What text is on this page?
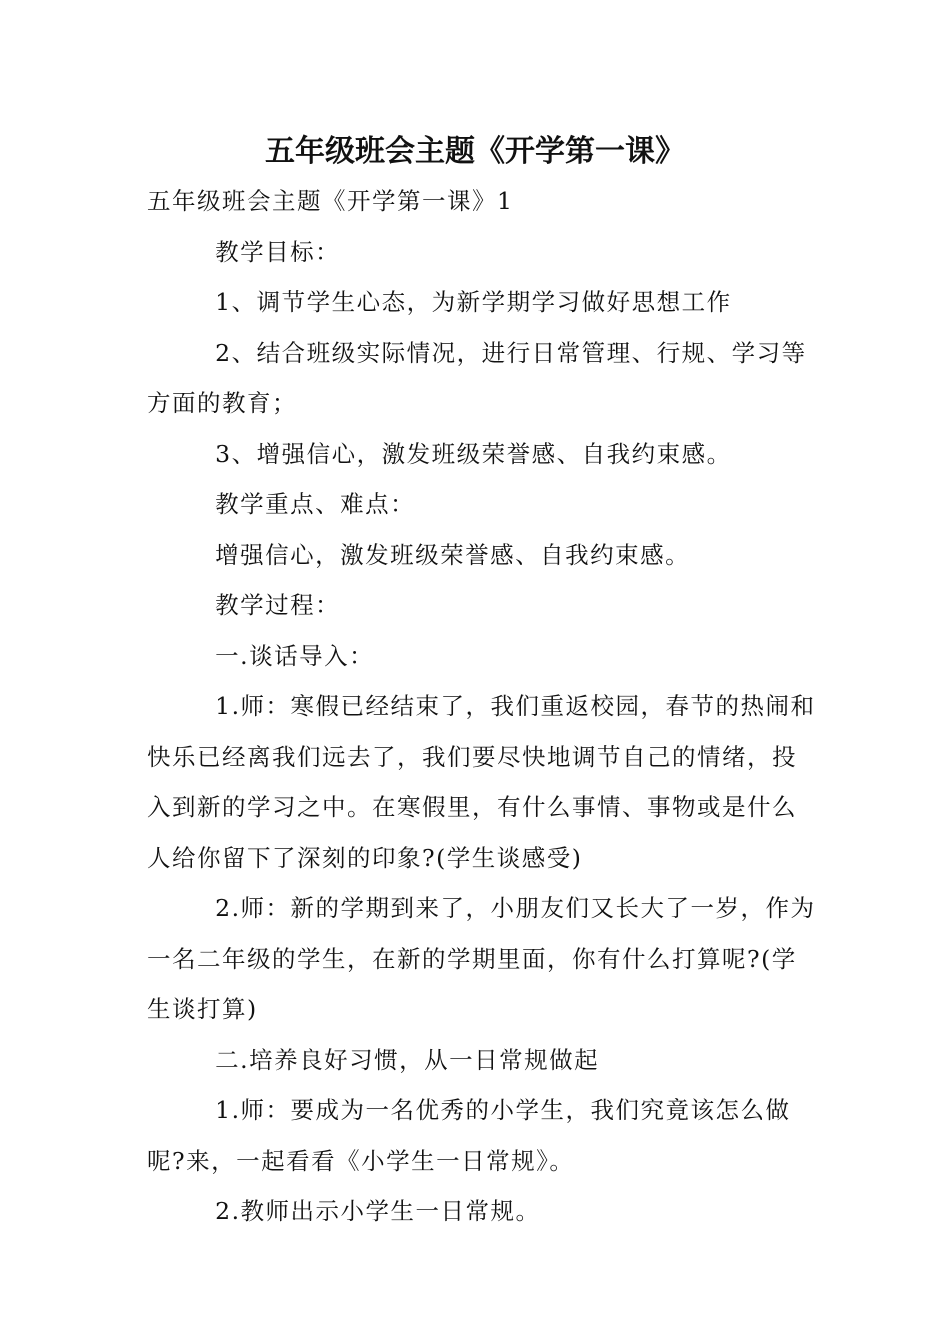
五年级班会主题《开学第一课》

五年级班会主题《开学第一课》1

教学目标：

1、调节学生心态，为新学期学习做好思想工作

2、结合班级实际情况，进行日常管理、行规、学习等方面的教育；

3、增强信心，激发班级荣誉感、自我约束感。

教学重点、难点：

增强信心，激发班级荣誉感、自我约束感。

教学过程：

一.谈话导入：

1.师：寒假已经结束了，我们重返校园，春节的热闹和快乐已经离我们远去了，我们要尽快地调节自己的情绪，投入到新的学习之中。在寒假里，有什么事情、事物或是什么人给你留下了深刻的印象?(学生谈感受)

2.师：新的学期到来了，小朋友们又长大了一岁，作为一名二年级的学生，在新的学期里面，你有什么打算呢?(学生谈打算)

二.培养良好习惯，从一日常规做起

1.师：要成为一名优秀的小学生，我们究竟该怎么做呢?来，一起看看《小学生一日常规》。

2.教师出示小学生一日常规。
